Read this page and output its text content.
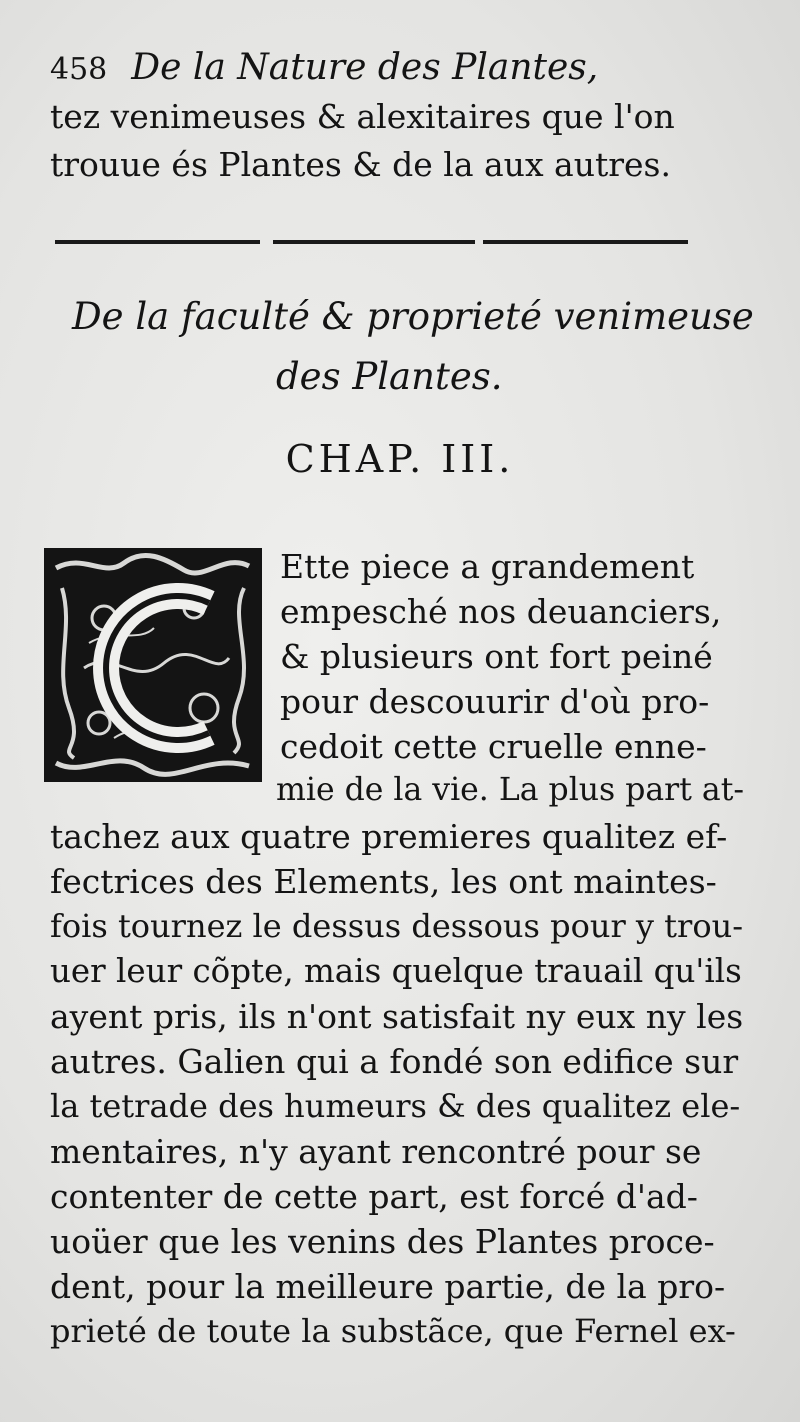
458 De la Nature des Plantes,
tez venimeuses & alexitaires que l'on
trouue és Plantes & de la aux autres.
De la faculté & proprieté venimeuse
des Plantes.
CHAP. III.
Ette piece a grandement
empesché nos deuanciers,
& plusieurs ont fort peiné
pour descouurir d'où pro-
cedoit cette cruelle enne-
mie de la vie. La plus part at-
tachez aux quatre premieres qualitez ef-
fectrices des Elements, les ont maintes-
fois tournez le dessus dessous pour y trou-
uer leur cõpte, mais quelque trauail qu'ils
ayent pris, ils n'ont satisfait ny eux ny les
autres. Galien qui a fondé son edifice sur
la tetrade des humeurs & des qualitez ele-
mentaires, n'y ayant rencontré pour se
contenter de cette part, est forcé d'ad-
uoüer que les venins des Plantes proce-
dent, pour la meilleure partie, de la pro-
prieté de toute la substãce, que Fernel ex-
